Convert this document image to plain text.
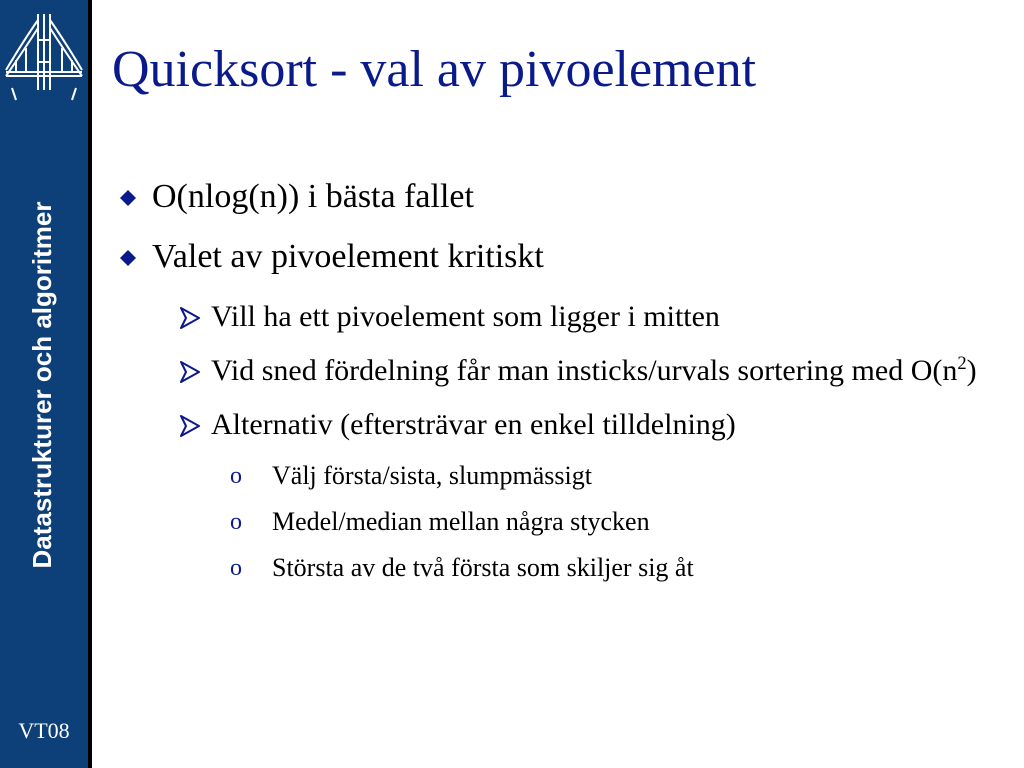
Datastrukturer och algoritmer
VT08
Quicksort - val av pivoelement
O(nlog(n)) i bästa fallet
Valet av pivoelement kritiskt
Vill ha ett pivoelement som ligger i mitten
Vid sned fördelning får man insticks/urvals sortering med $O(n^2)$
Alternativ (eftersträvar en enkel tilldelning)
o Välj första/sista, slumpmässigt
o Medel/median mellan några stycken
o Största av de två första som skiljer sig åt
